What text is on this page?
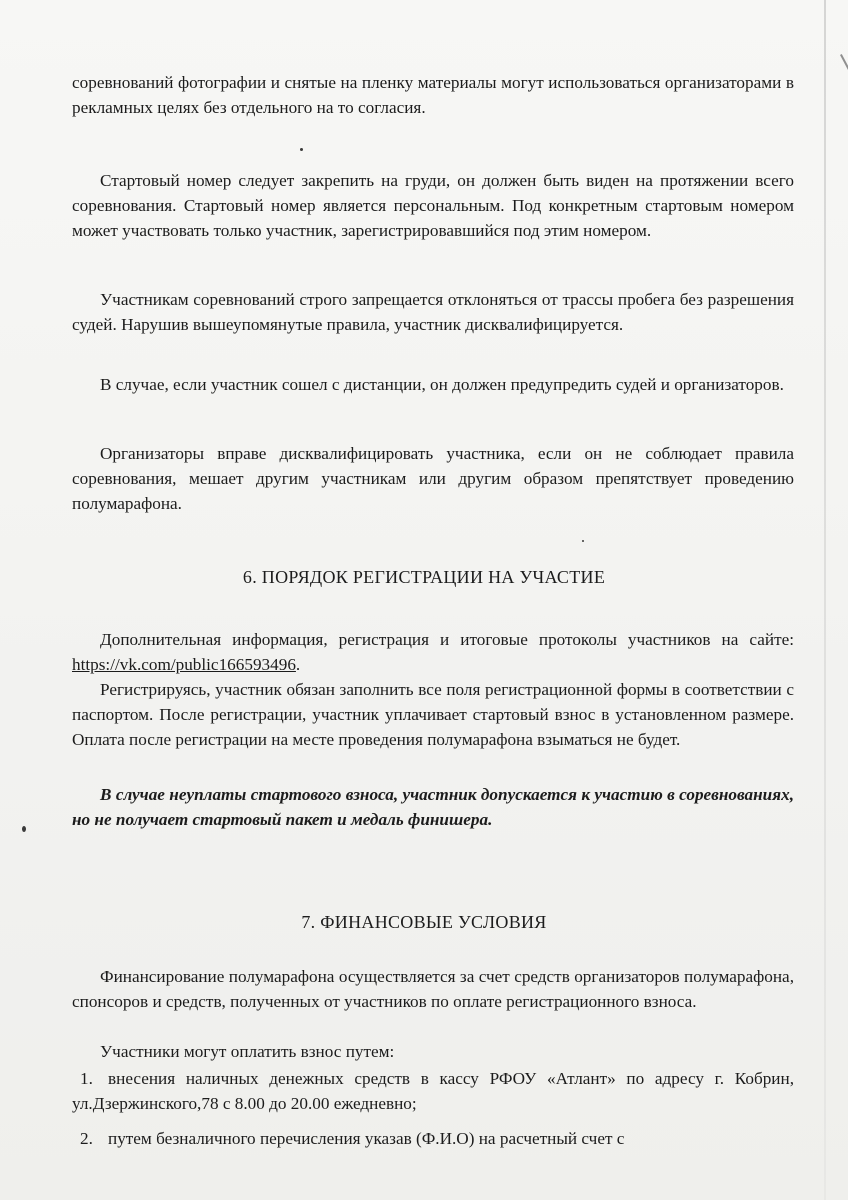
соревнований фотографии и снятые на пленку материалы могут использоваться организаторами в рекламных целях без отдельного на то согласия.

Стартовый номер следует закрепить на груди, он должен быть виден на протяжении всего соревнования. Стартовый номер является персональным. Под конкретным стартовым номером может участвовать только участник, зарегистрировавшийся под этим номером.

Участникам соревнований строго запрещается отклоняться от трассы пробега без разрешения судей. Нарушив вышеупомянутые правила, участник дисквалифицируется.

В случае, если участник сошел с дистанции, он должен предупредить судей и организаторов.

Организаторы вправе дисквалифицировать участника, если он не соблюдает правила соревнования, мешает другим участникам или другим образом препятствует проведению полумарафона.

6. ПОРЯДОК РЕГИСТРАЦИИ НА УЧАСТИЕ

Дополнительная информация, регистрация и итоговые протоколы участников на сайте: https://vk.com/public166593496.

Регистрируясь, участник обязан заполнить все поля регистрационной формы в соответствии с паспортом. После регистрации, участник уплачивает стартовый взнос в установленном размере. Оплата после регистрации на месте проведения полумарафона взыматься не будет.

В случае неуплаты стартового взноса, участник допускается к участию в соревнованиях, но не получает стартовый пакет и медаль финишера.

7. ФИНАНСОВЫЕ УСЛОВИЯ

Финансирование полумарафона осуществляется за счет средств организаторов полумарафона, спонсоров и средств, полученных от участников по оплате регистрационного взноса.

Участники могут оплатить взнос путем:

1. внесения наличных денежных средств в кассу РФОУ «Атлант» по адресу г. Кобрин, ул.Дзержинского,78 с 8.00 до 20.00 ежедневно;

2. путем безналичного перечисления указав (Ф.И.О) на расчетный счет с
